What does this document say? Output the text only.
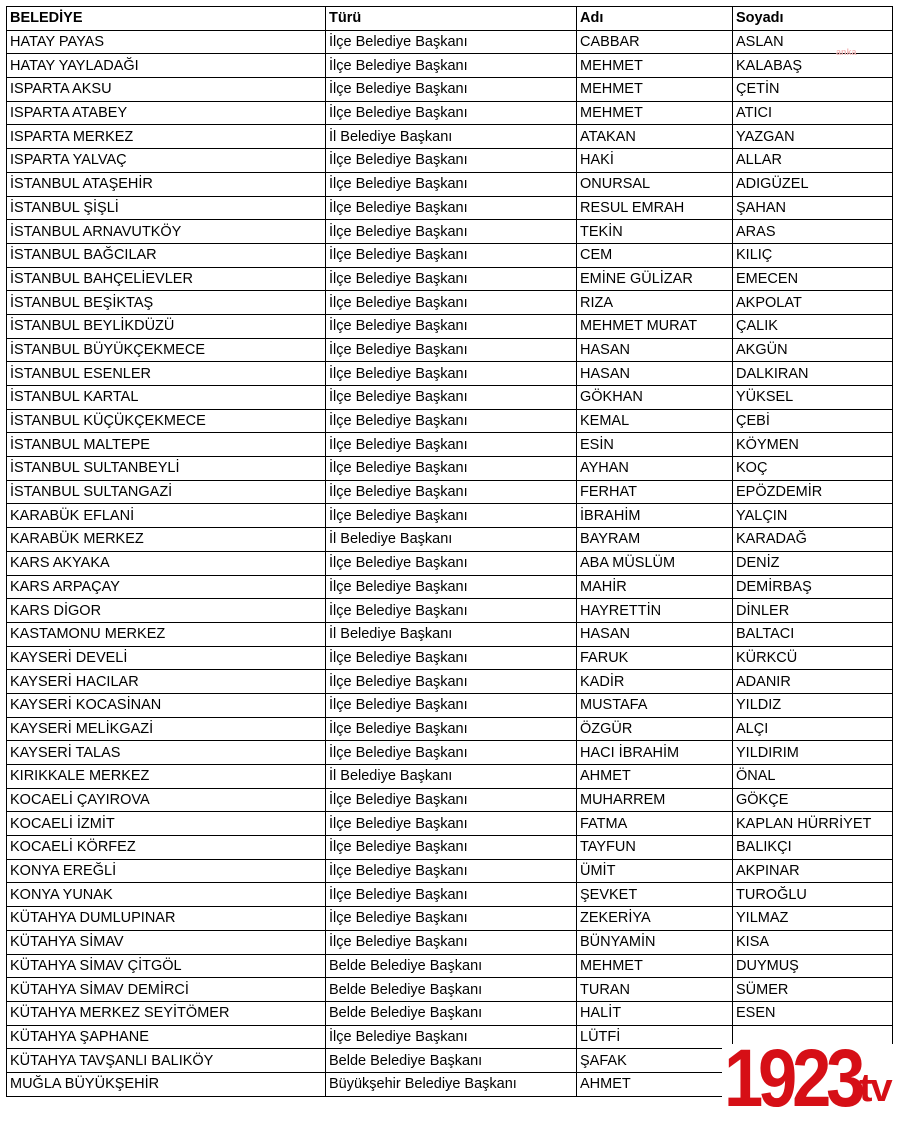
BELEDİYE	Türü	Adı	Soyadı
HATAY PAYAS	İlçe Belediye Başkanı	CABBAR	ASLAN
HATAY YAYLADAĞI	İlçe Belediye Başkanı	MEHMET	KALABAŞ
ISPARTA AKSU	İlçe Belediye Başkanı	MEHMET	ÇETİN
ISPARTA ATABEY	İlçe Belediye Başkanı	MEHMET	ATICI
ISPARTA MERKEZ	İl Belediye Başkanı	ATAKAN	YAZGAN
ISPARTA YALVAÇ	İlçe Belediye Başkanı	HAKİ	ALLAR
İSTANBUL ATAŞEHİR	İlçe Belediye Başkanı	ONURSAL	ADIGÜZEL
İSTANBUL ŞİŞLİ	İlçe Belediye Başkanı	RESUL EMRAH	ŞAHAN
İSTANBUL ARNAVUTKÖY	İlçe Belediye Başkanı	TEKİN	ARAS
İSTANBUL BAĞCILAR	İlçe Belediye Başkanı	CEM	KILIÇ
İSTANBUL BAHÇELİEVLER	İlçe Belediye Başkanı	EMİNE GÜLİZAR	EMECEN
İSTANBUL BEŞİKTAŞ	İlçe Belediye Başkanı	RIZA	AKPOLAT
İSTANBUL BEYLİKDÜZÜ	İlçe Belediye Başkanı	MEHMET MURAT	ÇALIK
İSTANBUL BÜYÜKÇEKMECE	İlçe Belediye Başkanı	HASAN	AKGÜN
İSTANBUL ESENLER	İlçe Belediye Başkanı	HASAN	DALKIRAN
İSTANBUL KARTAL	İlçe Belediye Başkanı	GÖKHAN	YÜKSEL
İSTANBUL KÜÇÜKÇEKMECE	İlçe Belediye Başkanı	KEMAL	ÇEBİ
İSTANBUL MALTEPE	İlçe Belediye Başkanı	ESİN	KÖYMEN
İSTANBUL SULTANBEYLİ	İlçe Belediye Başkanı	AYHAN	KOÇ
İSTANBUL SULTANGAZİ	İlçe Belediye Başkanı	FERHAT	EPÖZDEMİR
KARABÜK EFLANİ	İlçe Belediye Başkanı	İBRAHİM	YALÇIN
KARABÜK MERKEZ	İl Belediye Başkanı	BAYRAM	KARADAĞ
KARS AKYAKA	İlçe Belediye Başkanı	ABA MÜSLÜM	DENİZ
KARS ARPAÇAY	İlçe Belediye Başkanı	MAHİR	DEMİRBAŞ
KARS DİGOR	İlçe Belediye Başkanı	HAYRETTİN	DİNLER
KASTAMONU MERKEZ	İl Belediye Başkanı	HASAN	BALTACI
KAYSERİ DEVELİ	İlçe Belediye Başkanı	FARUK	KÜRKCÜ
KAYSERİ HACILAR	İlçe Belediye Başkanı	KADİR	ADANIR
KAYSERİ KOCASİNAN	İlçe Belediye Başkanı	MUSTAFA	YILDIZ
KAYSERİ MELİKGAZİ	İlçe Belediye Başkanı	ÖZGÜR	ALÇI
KAYSERİ TALAS	İlçe Belediye Başkanı	HACI İBRAHİM	YILDIRIM
KIRIKKALE MERKEZ	İl Belediye Başkanı	AHMET	ÖNAL
KOCAELİ ÇAYIROVA	İlçe Belediye Başkanı	MUHARREM	GÖKÇE
KOCAELİ İZMİT	İlçe Belediye Başkanı	FATMA	KAPLAN HÜRRİYET
KOCAELİ KÖRFEZ	İlçe Belediye Başkanı	TAYFUN	BALIKÇI
KONYA EREĞLİ	İlçe Belediye Başkanı	ÜMİT	AKPINAR
KONYA YUNAK	İlçe Belediye Başkanı	ŞEVKET	TUROĞLU
KÜTAHYA DUMLUPINAR	İlçe Belediye Başkanı	ZEKERİYA	YILMAZ
KÜTAHYA SİMAV	İlçe Belediye Başkanı	BÜNYAMİN	KISA
KÜTAHYA SİMAV ÇİTGÖL	Belde Belediye Başkanı	MEHMET	DUYMUŞ
KÜTAHYA SİMAV DEMİRCİ	Belde Belediye Başkanı	TURAN	SÜMER
KÜTAHYA MERKEZ SEYİTÖMER	Belde Belediye Başkanı	HALİT	ESEN
KÜTAHYA ŞAPHANE	İlçe Belediye Başkanı	LÜTFİ	
KÜTAHYA TAVŞANLI BALIKÖY	Belde Belediye Başkanı	ŞAFAK	
MUĞLA BÜYÜKŞEHİR	Büyükşehir Belediye Başkanı	AHMET	
anka
1923
.tv
